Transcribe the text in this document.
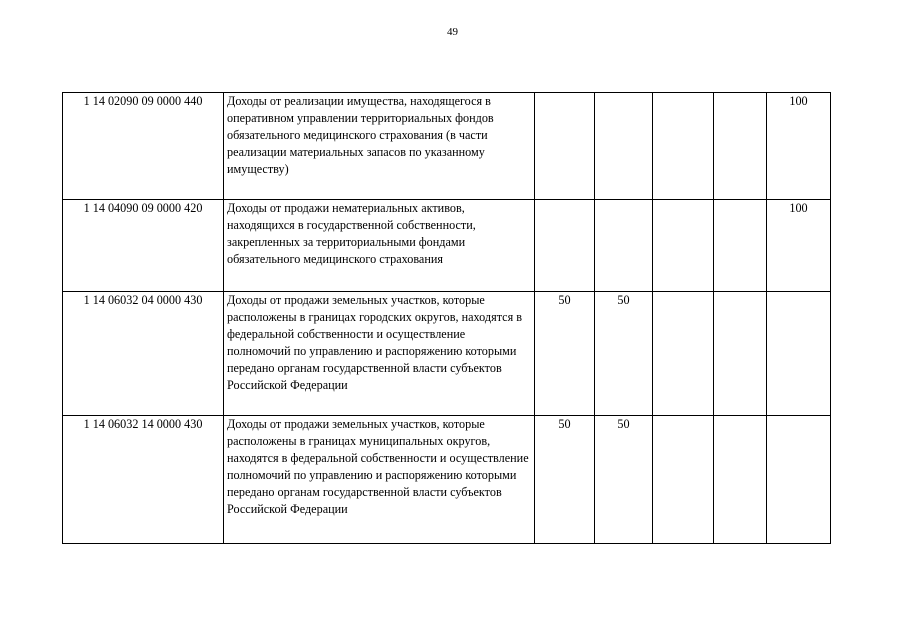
49
1 14 02090 09 0000 440	Доходы от реализации имущества, находящегося в оперативном управлении территориальных фондов обязательного медицинского страхования (в части реализации материальных запасов по указанному имуществу)					100
1 14 04090 09 0000 420	Доходы от продажи нематериальных активов, находящихся в государственной собственности, закрепленных за территориальными фондами обязательного медицинского страхования					100
1 14 06032 04 0000 430	Доходы от продажи земельных участков, которые расположены в границах городских округов, находятся в федеральной собственности и осуществление полномочий по управлению и распоряжению которыми передано органам государственной власти субъектов Российской Федерации	50	50			
1 14 06032 14 0000 430	Доходы от продажи земельных участков, которые расположены в границах муниципальных округов, находятся в федеральной собственности и осуществление полномочий по управлению и распоряжению которыми передано органам государственной власти субъектов Российской Федерации	50	50			
